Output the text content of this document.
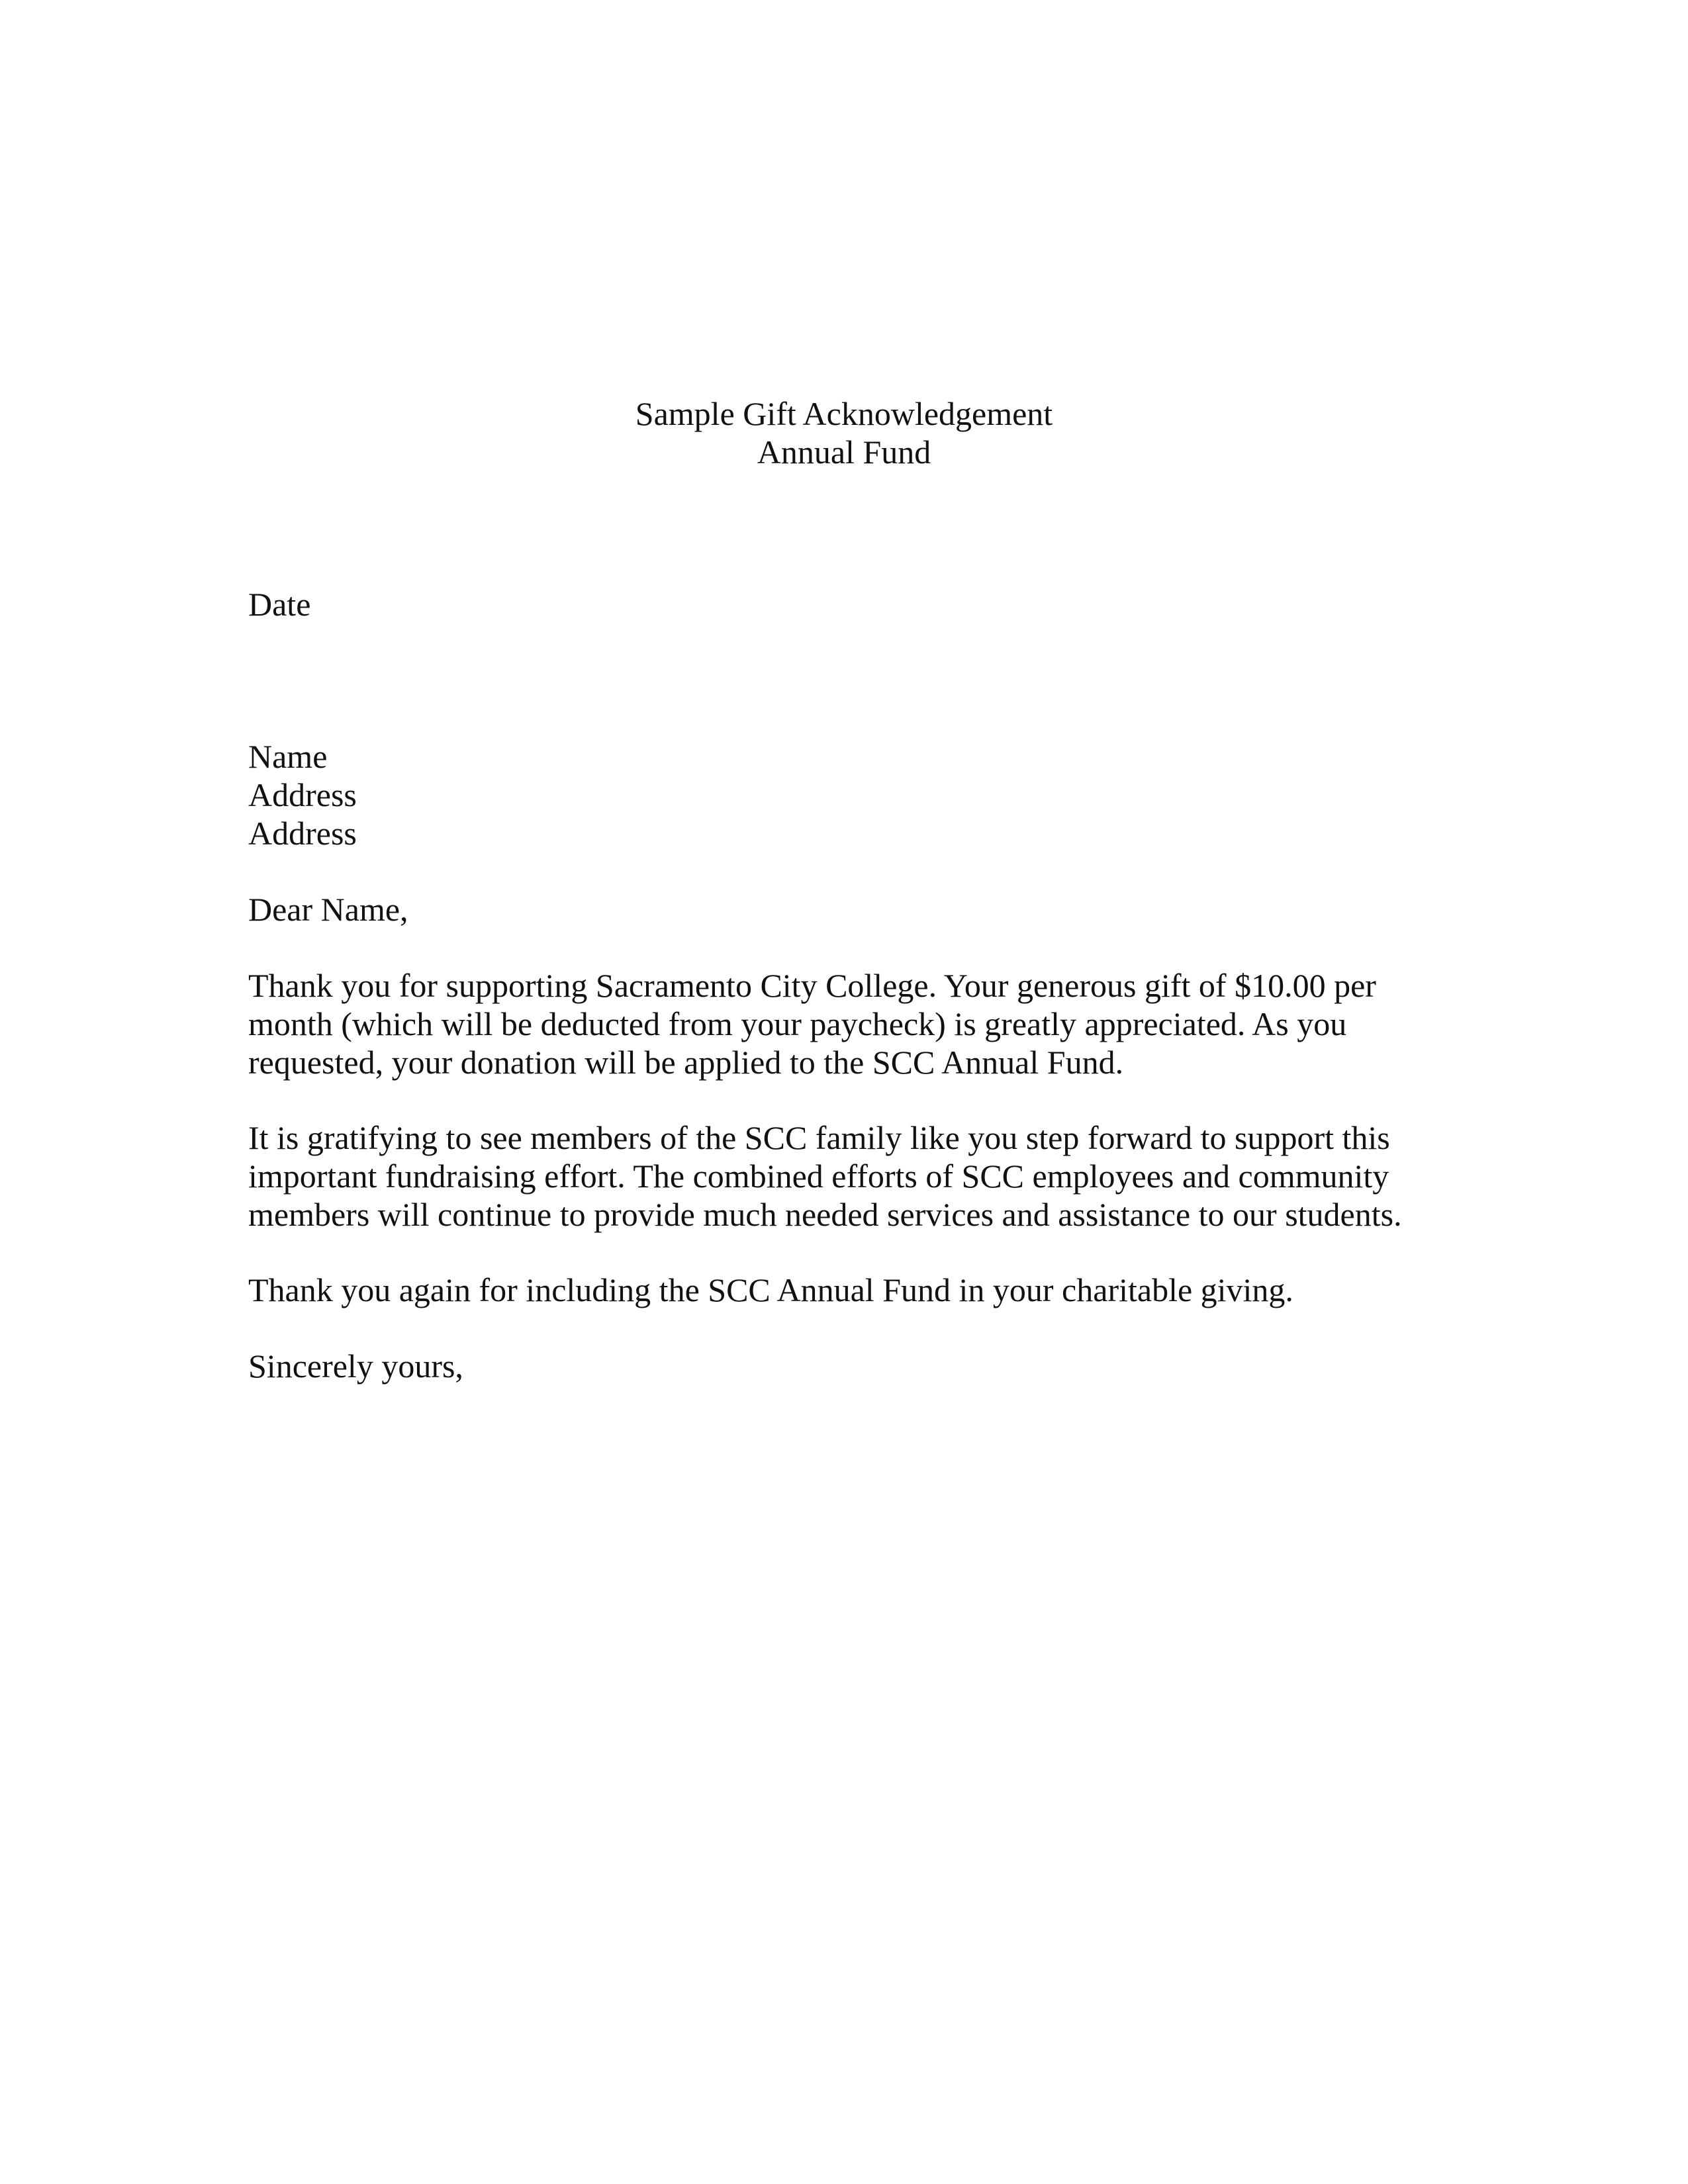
Sample Gift Acknowledgement
Annual Fund
Date
Name
Address
Address
Dear Name,
Thank you for supporting Sacramento City College. Your generous gift of $10.00 per
month (which will be deducted from your paycheck) is greatly appreciated. As you
requested, your donation will be applied to the SCC Annual Fund.
It is gratifying to see members of the SCC family like you step forward to support this
important fundraising effort. The combined efforts of SCC employees and community
members will continue to provide much needed services and assistance to our students.
Thank you again for including the SCC Annual Fund in your charitable giving.
Sincerely yours,
